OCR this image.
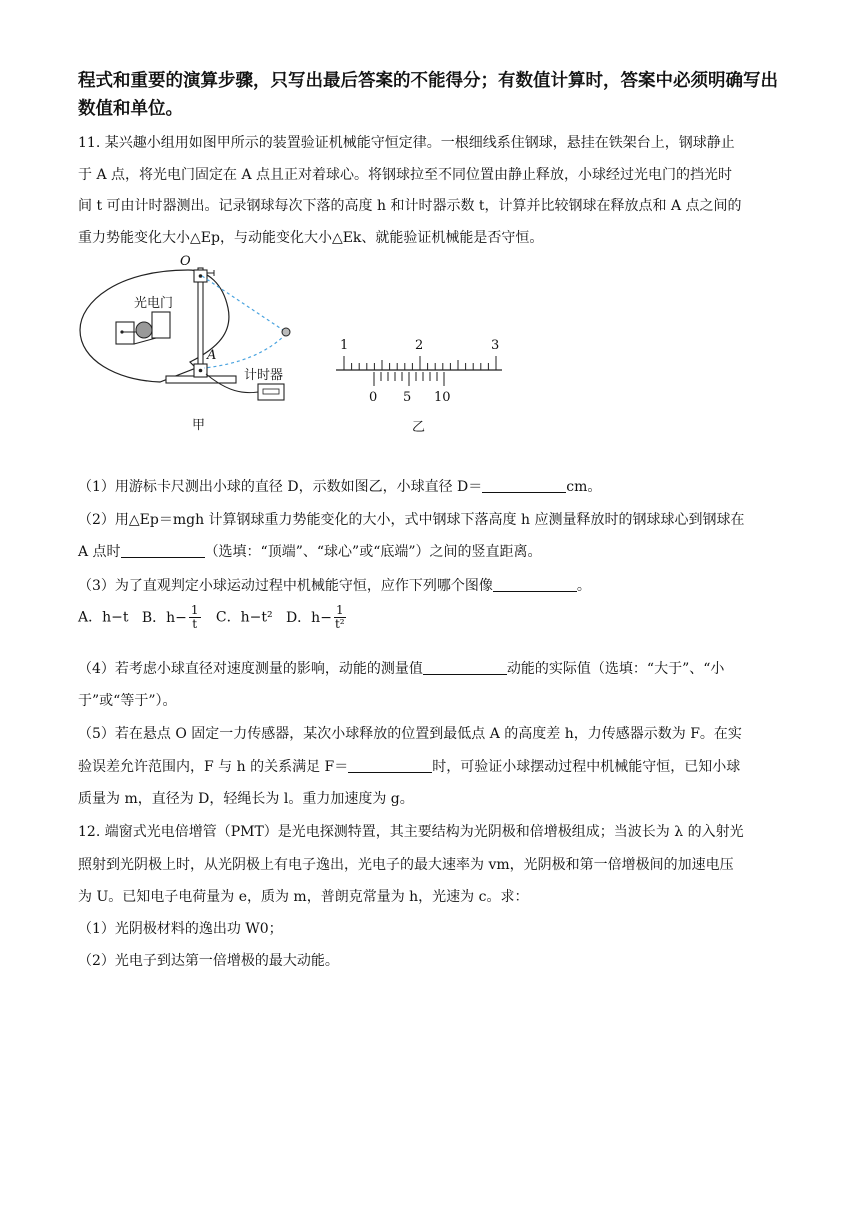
程式和重要的演算步骤，只写出最后答案的不能得分；有数值计算时，答案中必须明确写出
数值和单位。

11. 某兴趣小组用如图甲所示的装置验证机械能守恒定律。一根细线系住钢球，悬挂在铁架台上，钢球静止

于 A 点，将光电门固定在 A 点且正对着球心。将钢球拉至不同位置由静止释放，小球经过光电门的挡光时

间 t 可由计时器测出。记录钢球每次下落的高度 h 和计时器示数 t，计算并比较钢球在释放点和 A 点之间的

重力势能变化大小△Ep，与动能变化大小△Ek、就能验证机械能是否守恒。

（1）用游标卡尺测出小球的直径 D，示数如图乙，小球直径 D＝	cm。

（2）用△Ep＝mgh 计算钢球重力势能变化的大小，式中钢球下落高度 h 应测量释放时的钢球球心到钢球在

A 点时	（选填：“顶端”、“球心”或“底端”）之间的竖直距离。

（3）为了直观判定小球运动过程中机械能守恒，应作下列哪个图像	。

A．h−t B．$h- \frac{1}{t}$ C．h−t² D．$h- \frac{1}{\text{t²}}$

（4）若考虑小球直径对速度测量的影响，动能的测量值	动能的实际值（选填：“大于”、“小

于”或“等于”）。

（5）若在悬点 O 固定一力传感器，某次小球释放的位置到最低点 A 的高度差 h，力传感器示数为 F。在实

验误差允许范围内，F 与 h 的关系满足 F＝	时，可验证小球摆动过程中机械能守恒，已知小球

质量为 m，直径为 D，轻绳长为 l。重力加速度为 g。

12. 端窗式光电倍增管（PMT）是光电探测特置，其主要结构为光阴极和倍增极组成；当波长为 λ 的入射光

照射到光阴极上时，从光阴极上有电子逸出，光电子的最大速率为 vm，光阴极和第一倍增极间的加速电压

为 U。已知电子电荷量为 e，质为 m，普朗克常量为 h，光速为 c。求：

（1）光阴极材料的逸出功 W0；

（2）光电子到达第一倍增极的最大动能。

O
A
光电门
计时器
甲	乙
1	2	3
0 5 10
